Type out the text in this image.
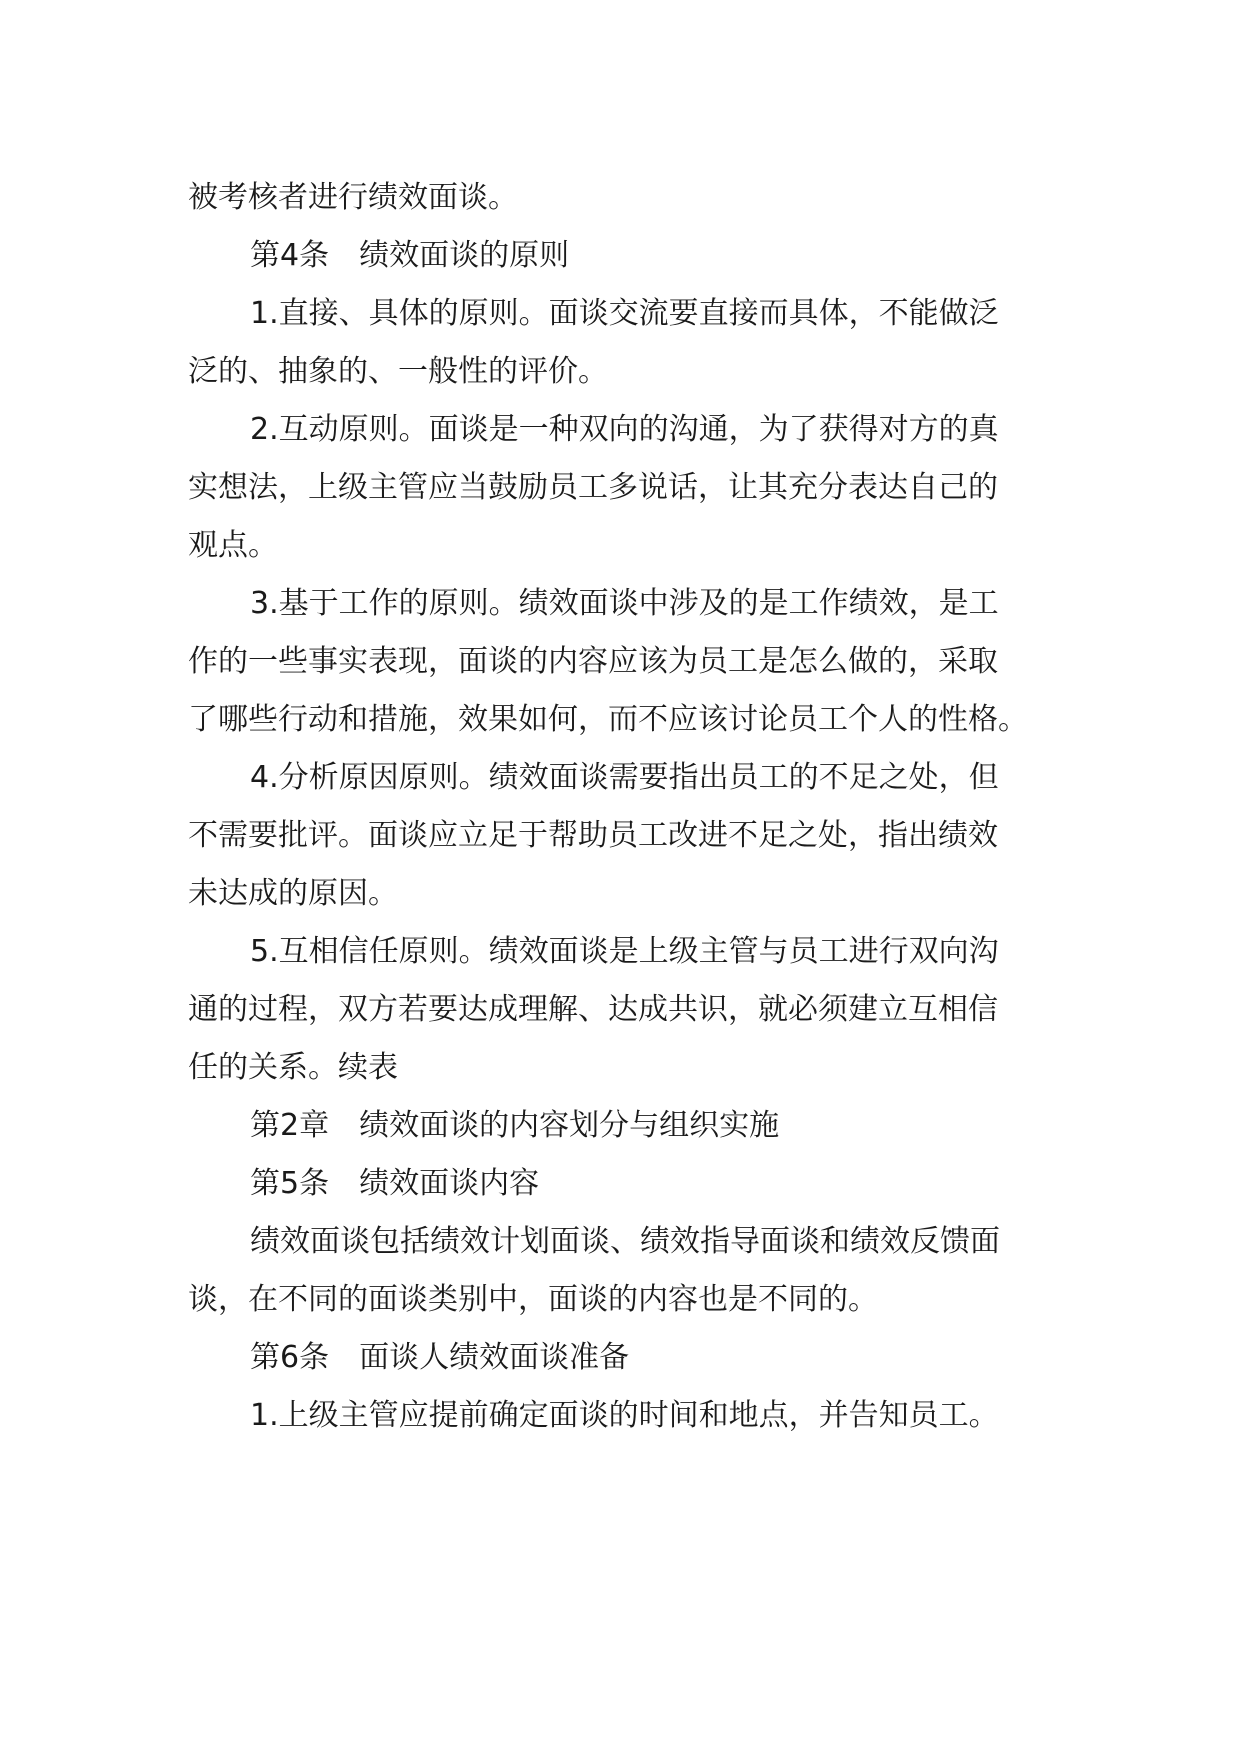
被考核者进行绩效面谈。
第4条　绩效面谈的原则
1.直接、具体的原则。面谈交流要直接而具体，不能做泛
泛的、抽象的、一般性的评价。
2.互动原则。面谈是一种双向的沟通，为了获得对方的真
实想法，上级主管应当鼓励员工多说话，让其充分表达自己的
观点。
3.基于工作的原则。绩效面谈中涉及的是工作绩效，是工
作的一些事实表现，面谈的内容应该为员工是怎么做的，采取
了哪些行动和措施，效果如何，而不应该讨论员工个人的性格。
4.分析原因原则。绩效面谈需要指出员工的不足之处，但
不需要批评。面谈应立足于帮助员工改进不足之处，指出绩效
未达成的原因。
5.互相信任原则。绩效面谈是上级主管与员工进行双向沟
通的过程，双方若要达成理解、达成共识，就必须建立互相信
任的关系。续表
第2章　绩效面谈的内容划分与组织实施
第5条　绩效面谈内容
绩效面谈包括绩效计划面谈、绩效指导面谈和绩效反馈面
谈，在不同的面谈类别中，面谈的内容也是不同的。
第6条　面谈人绩效面谈准备
1.上级主管应提前确定面谈的时间和地点，并告知员工。
